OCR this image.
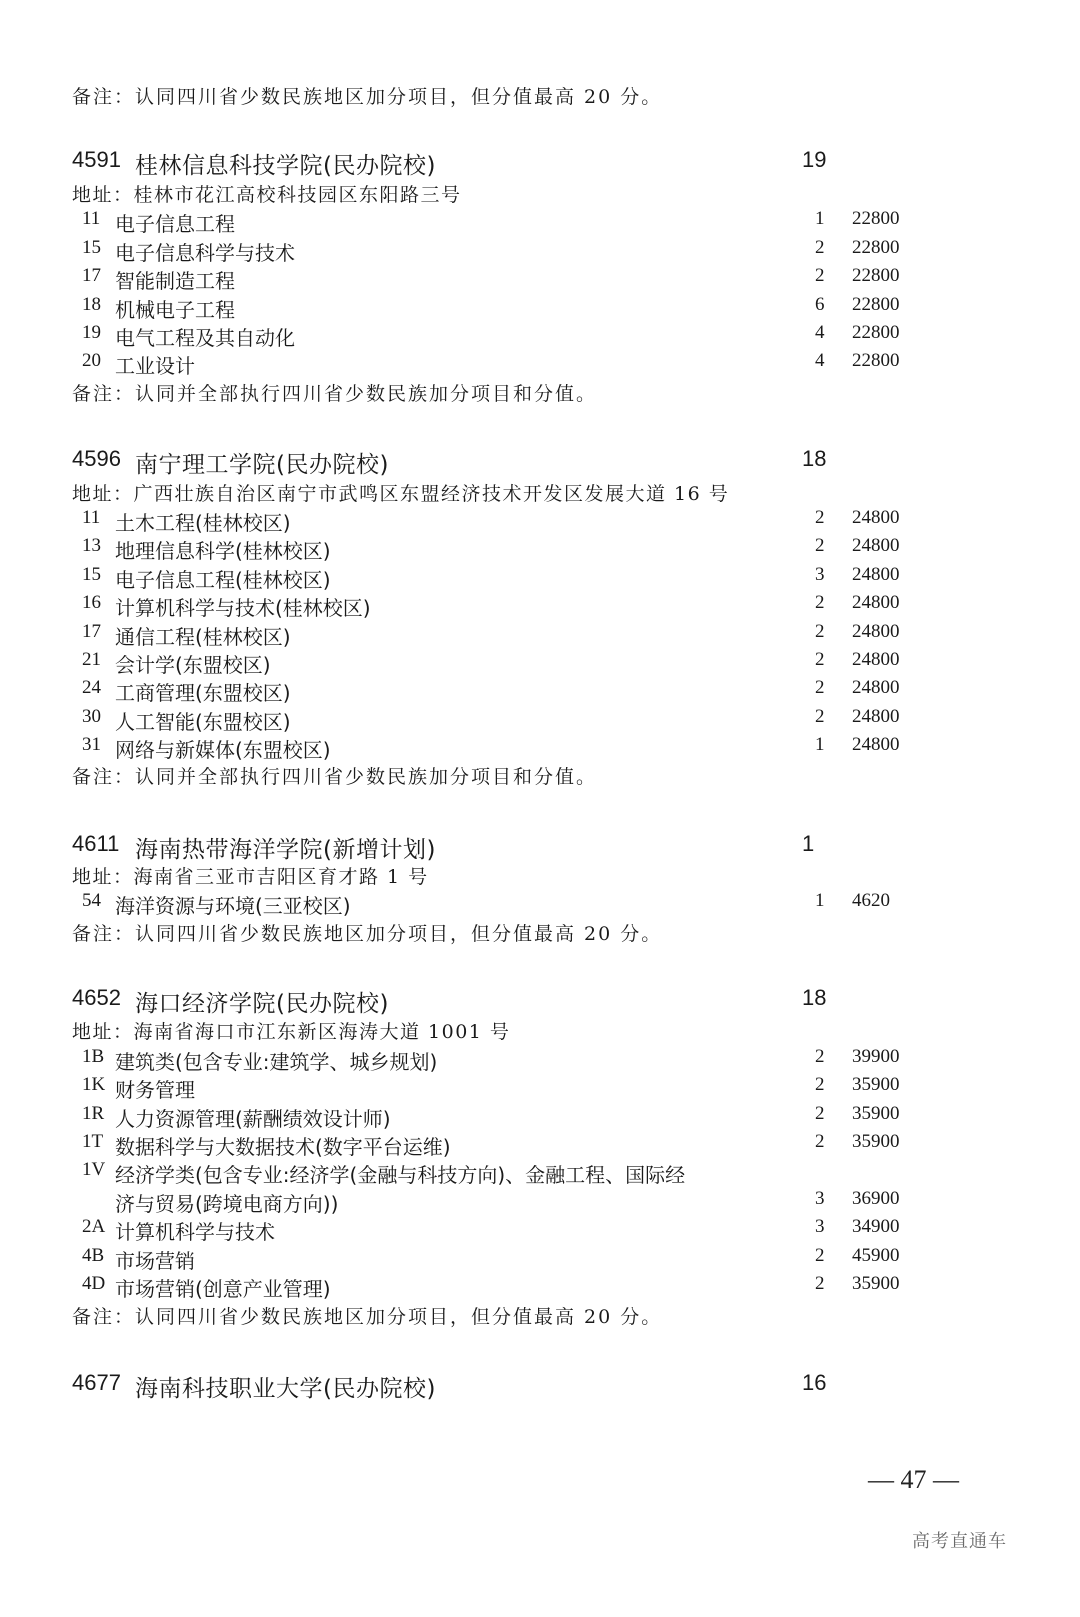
备注：认同四川省少数民族地区加分项目，但分值最高 20 分。
4591 桂林信息科技学院(民办院校)	19
地址：桂林市花江高校科技园区东阳路三号
11 电子信息工程	1 22800
15 电子信息科学与技术	2 22800
17 智能制造工程	2 22800
18 机械电子工程	6 22800
19 电气工程及其自动化	4 22800
20 工业设计	4 22800
备注：认同并全部执行四川省少数民族加分项目和分值。
4596 南宁理工学院(民办院校)	18
地址：广西壮族自治区南宁市武鸣区东盟经济技术开发区发展大道 16 号
11 土木工程(桂林校区)	2 24800
13 地理信息科学(桂林校区)	2 24800
15 电子信息工程(桂林校区)	3 24800
16 计算机科学与技术(桂林校区)	2 24800
17 通信工程(桂林校区)	2 24800
21 会计学(东盟校区)	2 24800
24 工商管理(东盟校区)	2 24800
30 人工智能(东盟校区)	2 24800
31 网络与新媒体(东盟校区)	1 24800
备注：认同并全部执行四川省少数民族加分项目和分值。
4611 海南热带海洋学院(新增计划)	1
地址：海南省三亚市吉阳区育才路 1 号
54 海洋资源与环境(三亚校区)	1 4620
备注：认同四川省少数民族地区加分项目，但分值最高 20 分。
4652 海口经济学院(民办院校)	18
地址：海南省海口市江东新区海涛大道 1001 号
1B 建筑类(包含专业:建筑学、城乡规划)	2 39900
1K 财务管理	2 35900
1R 人力资源管理(薪酬绩效设计师)	2 35900
1T 数据科学与大数据技术(数字平台运维)	2 35900
1V 经济学类(包含专业:经济学(金融与科技方向)、金融工程、国际经
济与贸易(跨境电商方向))	3 36900
2A 计算机科学与技术	3 34900
4B 市场营销	2 45900
4D 市场营销(创意产业管理)	2 35900
备注：认同四川省少数民族地区加分项目，但分值最高 20 分。
4677 海南科技职业大学(民办院校)	16
— 47 —
高考直通车
